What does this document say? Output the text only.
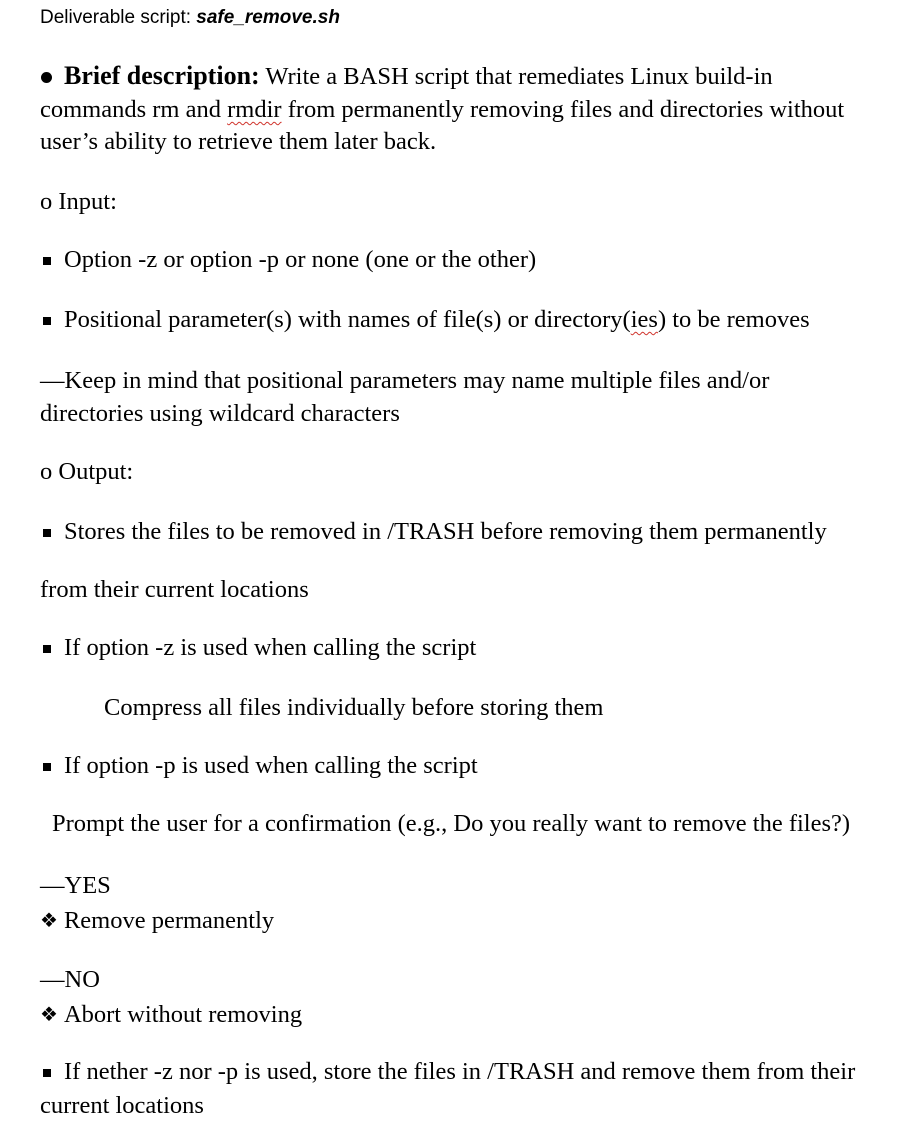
Deliverable script: safe_remove.sh
Brief description: Write a BASH script that remediates Linux build-in
commands rm and rmdir from permanently removing files and directories without
user’s ability to retrieve them later back.
o Input:
Option -z or option -p or none (one or the other)
Positional parameter(s) with names of file(s) or directory(ies) to be removes
—Keep in mind that positional parameters may name multiple files and/or
directories using wildcard characters
o Output:
Stores the files to be removed in /TRASH before removing them permanently
from their current locations
If option -z is used when calling the script
Compress all files individually before storing them
If option -p is used when calling the script
Prompt the user for a confirmation (e.g., Do you really want to remove the files?)
—YES
❖ Remove permanently
—NO
❖ Abort without removing
If nether -z nor -p is used, store the files in /TRASH and remove them from their
current locations
